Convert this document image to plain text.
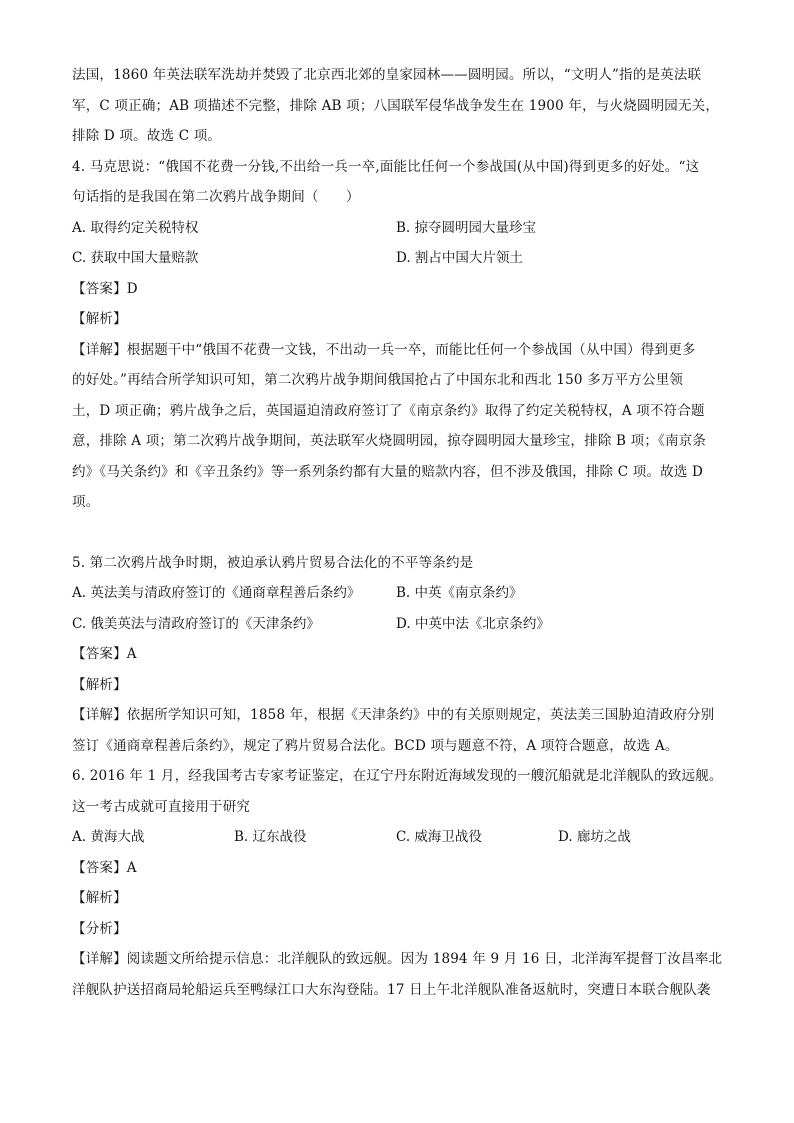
法国，1860 年英法联军洗劫并焚毁了北京西北郊的皇家园林——圆明园。所以，“文明人”指的是英法联
军，C 项正确；AB 项描述不完整，排除 AB 项；八国联军侵华战争发生在 1900 年，与火烧圆明园无关，
排除 D 项。故选 C 项。
4. 马克思说：“俄国不花费一分钱,不出给一兵一卒,面能比任何一个参战国(从中国)得到更多的好处。“这
句话指的是我国在第二次鸦片战争期间（　　）
A. 取得约定关税特权	B. 掠夺圆明园大量珍宝
C. 获取中国大量赔款	D. 割占中国大片领土
【答案】D
【解析】
【详解】根据题干中“俄国不花费一文钱，不出动一兵一卒，而能比任何一个参战国（从中国）得到更多
的好处。”再结合所学知识可知，第二次鸦片战争期间俄国抢占了中国东北和西北 150 多万平方公里领
土，D 项正确；鸦片战争之后，英国逼迫清政府签订了《南京条约》取得了约定关税特权，A 项不符合题
意，排除 A 项；第二次鸦片战争期间，英法联军火烧圆明园，掠夺圆明园大量珍宝，排除 B 项；《南京条
约》《马关条约》和《辛丑条约》等一系列条约都有大量的赔款内容，但不涉及俄国，排除 C 项。故选 D
项。
5. 第二次鸦片战争时期，被迫承认鸦片贸易合法化的不平等条约是
A. 英法美与清政府签订的《通商章程善后条约》	B. 中英《南京条约》
C. 俄美英法与清政府签订的《天津条约》	D. 中英中法《北京条约》
【答案】A
【解析】
【详解】依据所学知识可知，1858 年，根据《天津条约》中的有关原则规定，英法美三国胁迫清政府分别
签订《通商章程善后条约》，规定了鸦片贸易合法化。BCD 项与题意不符，A 项符合题意，故选 A。
6. 2016 年 1 月，经我国考古专家考证鉴定，在辽宁丹东附近海域发现的一艘沉船就是北洋舰队的致远舰。
这一考古成就可直接用于研究
A. 黄海大战	B. 辽东战役	C. 威海卫战役	D. 廊坊之战
【答案】A
【解析】
【分析】
【详解】阅读题文所给提示信息：北洋舰队的致远舰。因为 1894 年 9 月 16 日，北洋海军提督丁汝昌率北
洋舰队护送招商局轮船运兵至鸭绿江口大东沟登陆。17 日上午北洋舰队准备返航时，突遭日本联合舰队袭
